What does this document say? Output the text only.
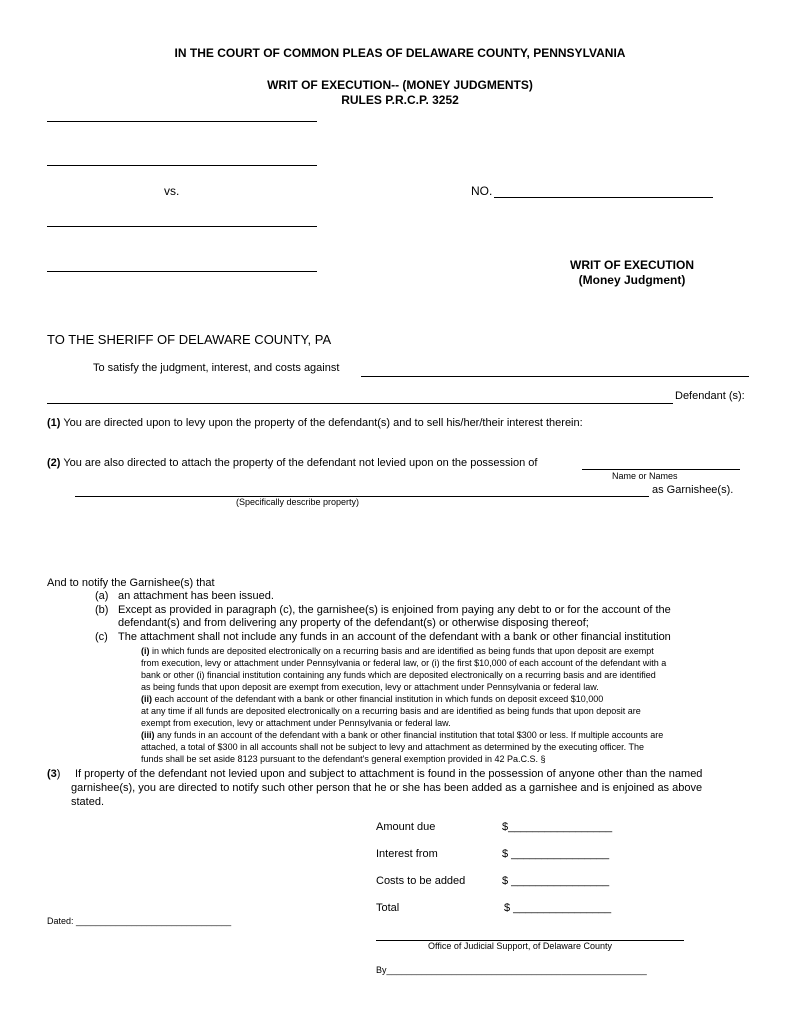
IN THE COURT OF COMMON PLEAS OF DELAWARE COUNTY, PENNSYLVANIA
WRIT OF EXECUTION-- (MONEY JUDGMENTS)
RULES P.R.C.P. 3252
vs.	NO.
WRIT OF EXECUTION
(Money Judgment)
TO THE SHERIFF OF DELAWARE COUNTY, PA
To satisfy the judgment, interest, and costs against
Defendant (s):
(1) You are directed upon to levy upon the property of the defendant(s) and to sell his/her/their interest therein:
(2) You are also directed to attach the property of the defendant not levied upon on the possession of
Name or Names
as Garnishee(s).
(Specifically describe property)
And to notify the Garnishee(s) that
(a) an attachment has been issued.
(b) Except as provided in paragraph (c), the garnishee(s) is enjoined from paying any debt to or for the account of the
defendant(s) and from delivering any property of the defendant(s) or otherwise disposing thereof;
(c) The attachment shall not include any funds in an account of the defendant with a bank or other financial institution
(i) in which funds are deposited electronically on a recurring basis and are identified as being funds that upon deposit are exempt
from execution, levy or attachment under Pennsylvania or federal law, or (i) the first $10,000 of each account of the defendant with a
bank or other (i) financial institution containing any funds which are deposited electronically on a recurring basis and are identified
as being funds that upon deposit are exempt from execution, levy or attachment under Pennsylvania or federal law.
(ii) each account of the defendant with a bank or other financial institution in which funds on deposit exceed $10,000
at any time if all funds are deposited electronically on a recurring basis and are identified as being funds that upon deposit are
exempt from execution, levy or attachment under Pennsylvania or federal law.
(iii) any funds in an account of the defendant with a bank or other financial institution that total $300 or less. If multiple accounts are
attached, a total of $300 in all accounts shall not be subject to levy and attachment as determined by the executing officer. The
funds shall be set aside 8123 pursuant to the defendant's general exemption provided in 42 Pa.C.S. §
(3) If property of the defendant not levied upon and subject to attachment is found in the possession of anyone other than the named
garnishee(s), you are directed to notify such other person that he or she has been added as a garnishee and is enjoined as above
stated.
Amount due	$_________________
Interest from	$ ________________
Costs to be added	$ ________________
Total	$ ________________
Dated: _______________________________
Office of Judicial Support, of Delaware County
By____________________________________________________
